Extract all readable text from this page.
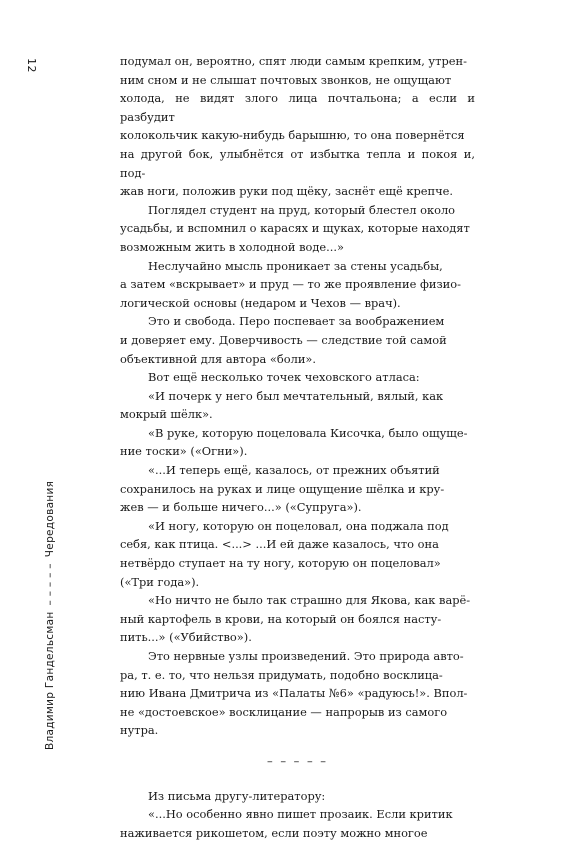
12
Владимир Гандельсман– – – – –Чередования

подумал он, вероятно, спят люди самым крепким, утрен-
ним сном и не слышат почтовых звонков, не ощущают
холода, не видят злого лица почтальона; а если и разбудит
колокольчик какую-нибудь барышню, то она повернётся
на другой бок, улыбнётся от избытка тепла и покоя и, под-
жав ноги, положив руки под щёку, заснёт ещё крепче.

Поглядел студент на пруд, который блестел около
усадьбы, и вспомнил о карасях и щуках, которые находят
возможным жить в холодной воде...»

Неслучайно мысль проникает за стены усадьбы,
а затем «вскрывает» и пруд — то же проявление физио-
логической основы (недаром и Чехов — врач).

Это и свобода. Перо поспевает за воображением
и доверяет ему. Доверчивость — следствие той самой
объективной для автора «боли».

Вот ещё несколько точек чеховского атласа:

«И почерк у него был мечтательный, вялый, как
мокрый шёлк».

«В руке, которую поцеловала Кисочка, было ощуще-
ние тоски» («Огни»).

«...И теперь ещё, казалось, от прежних объятий
сохранилось на руках и лице ощущение шёлка и кру-
жев — и больше ничего...» («Супруга»).

«И ногу, которую он поцеловал, она поджала под
себя, как птица. <...> ...И ей даже казалось, что она
нетвёрдо ступает на ту ногу, которую он поцеловал»
(«Три года»).

«Но ничто не было так страшно для Якова, как варё-
ный картофель в крови, на который он боялся насту-
пить...» («Убийство»).

Это нервные узлы произведений. Это природа авто-
ра, т. е. то, что нельзя придумать, подобно восклица-
нию Ивана Дмитрича из «Палаты №6» «радуюсь!». Впол-
не «достоевское» восклицание — напрорыв из самого
нутра.

– – – – –

Из письма другу-литератору:

«...Но особенно явно пишет прозаик. Если критик
наживается рикошетом, если поэту можно многое
